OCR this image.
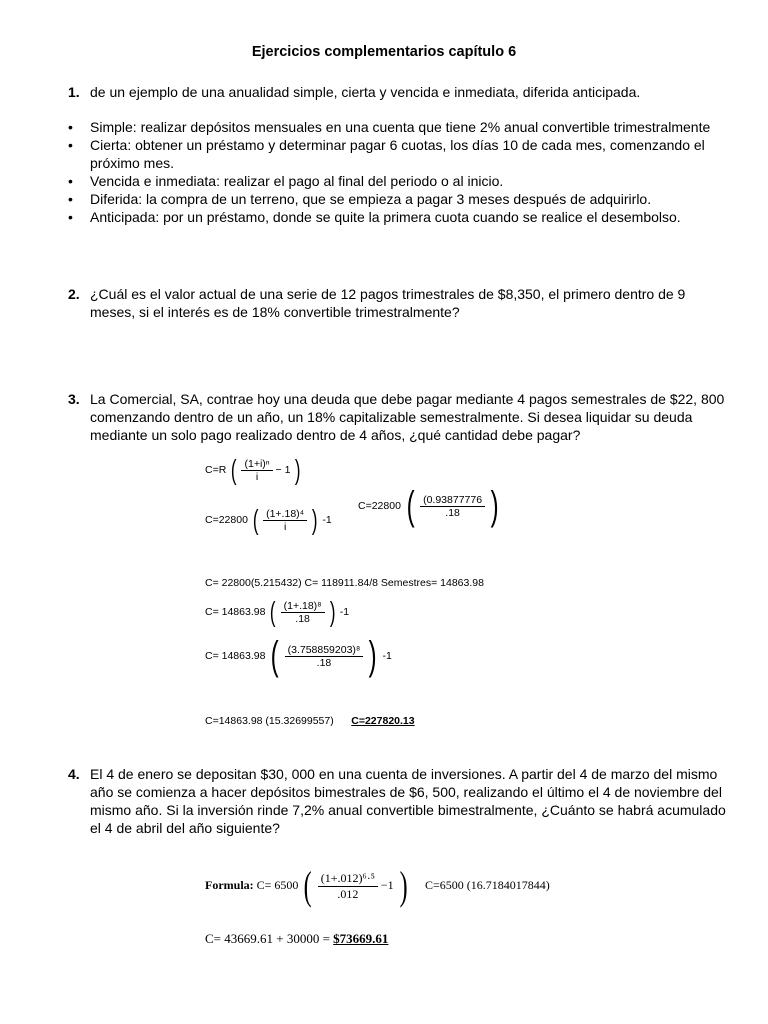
Ejercicios complementarios capítulo 6
1. de un ejemplo de una anualidad simple, cierta y vencida e inmediata, diferida anticipada.
• Simple: realizar depósitos mensuales en una cuenta que tiene 2% anual convertible trimestralmente
• Cierta: obtener un préstamo y determinar pagar 6 cuotas, los días 10 de cada mes, comenzando el próximo mes.
• Vencida e inmediata: realizar el pago al final del periodo o al inicio.
• Diferida: la compra de un terreno, que se empieza a pagar 3 meses después de adquirirlo.
• Anticipada: por un préstamo, donde se quite la primera cuota cuando se realice el desembolso.
2. ¿Cuál es el valor actual de una serie de 12 pagos trimestrales de $8,350, el primero dentro de 9 meses, si el interés es de 18% convertible trimestralmente?
3. La Comercial, SA, contrae hoy una deuda que debe pagar mediante 4 pagos semestrales de $22, 800 comenzando dentro de un año, un 18% capitalizable semestralmente. Si desea liquidar su deuda mediante un solo pago realizado dentro de 4 años, ¿qué cantidad debe pagar?
C=R ( $\frac{\text{(1+i)ⁿ}}{i} - 1$ )
C=22800 ( $\frac{\text{(1+.18)⁴}}{i}$ ) -1
C=22800 ( $\frac{(0.93877776}{.18}$ )
C= 22800(5.215432) C= 118911.84/8 Semestres= 14863.98
C= 14863.98 ( $\frac{\text{(1+.18)⁸}}{.18}$ ) -1
C= 14863.98 ( $\frac{\text{(3.758859203)⁸}}{.18}$ ) -1
C=14863.98 (15.32699557) C=227820.13
4. El 4 de enero se depositan $30, 000 en una cuenta de inversiones. A partir del 4 de marzo del mismo año se comienza a hacer depósitos bimestrales de $6, 500, realizando el último el 4 de noviembre del mismo año. Si la inversión rinde 7,2% anual convertible bimestralmente, ¿Cuánto se habrá acumulado el 4 de abril del año siguiente?
Formula: C= 6500 ( $\frac{\text{(1+.012)⁶·⁵}}{.012} -1$ ) C=6500 (16.7184017844)
C= 43669.61 + 30000 = $73669.61
